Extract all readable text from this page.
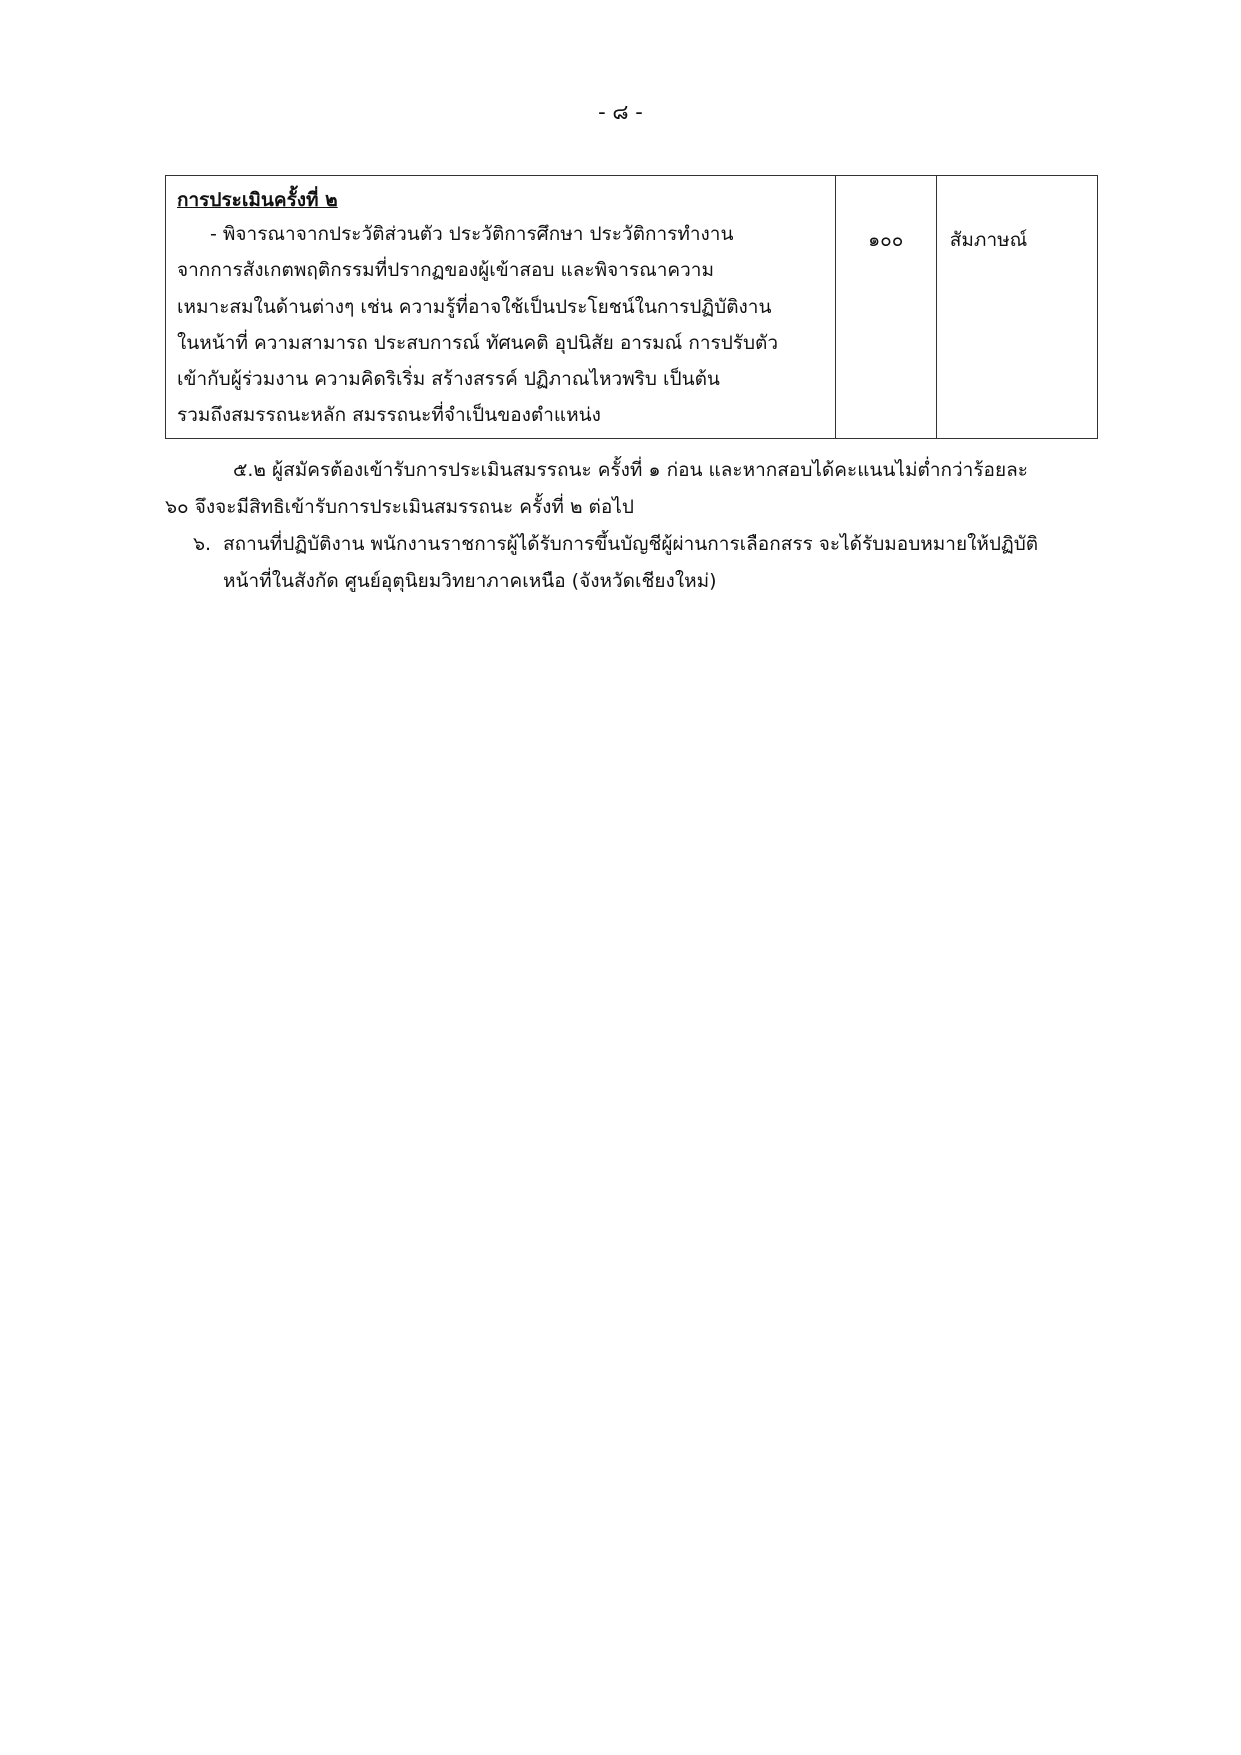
- ๘ -
การประเมินครั้งที่ ๒
- พิจารณาจากประวัติส่วนตัว ประวัติการศึกษา ประวัติการทำงาน
จากการสังเกตพฤติกรรมที่ปรากฏของผู้เข้าสอบ และพิจารณาความ
เหมาะสมในด้านต่างๆ เช่น ความรู้ที่อาจใช้เป็นประโยชน์ในการปฏิบัติงาน
ในหน้าที่ ความสามารถ ประสบการณ์ ทัศนคติ อุปนิสัย อารมณ์ การปรับตัว
เข้ากับผู้ร่วมงาน ความคิดริเริ่ม สร้างสรรค์ ปฏิภาณไหวพริบ เป็นต้น
รวมถึงสมรรถนะหลัก สมรรถนะที่จำเป็นของตำแหน่ง

๑๐๐	สัมภาษณ์
๕.๒ ผู้สมัครต้องเข้ารับการประเมินสมรรถนะ ครั้งที่ ๑ ก่อน และหากสอบได้คะแนนไม่ต่ำกว่าร้อยละ
๖๐ จึงจะมีสิทธิเข้ารับการประเมินสมรรถนะ ครั้งที่ ๒ ต่อไป
๖. สถานที่ปฏิบัติงาน พนักงานราชการผู้ได้รับการขึ้นบัญชีผู้ผ่านการเลือกสรร จะได้รับมอบหมายให้ปฏิบัติ
หน้าที่ในสังกัด ศูนย์อุตุนิยมวิทยาภาคเหนือ (จังหวัดเชียงใหม่)
